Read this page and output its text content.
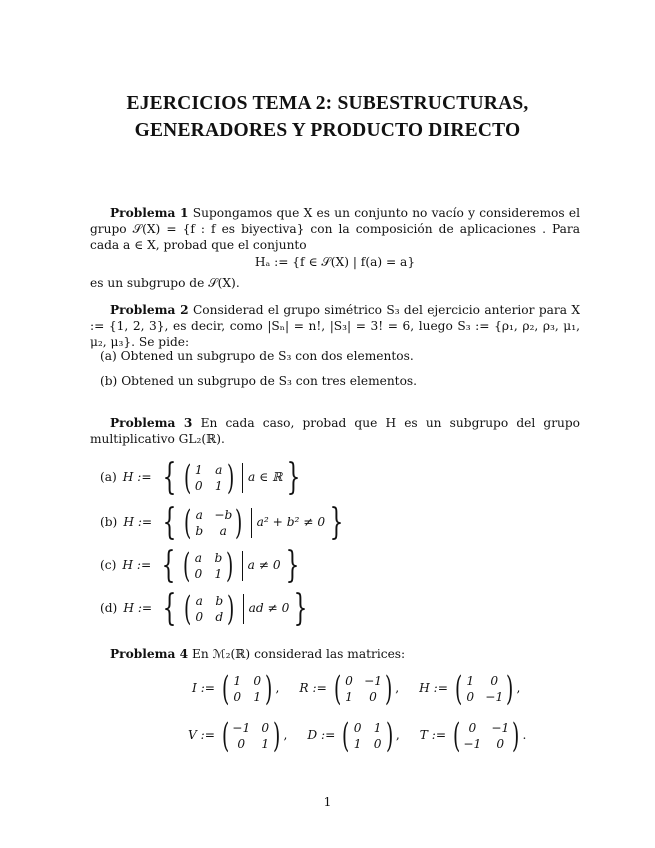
EJERCICIOS TEMA 2: SUBESTRUCTURAS,
GENERADORES Y PRODUCTO DIRECTO
Problema 1 Supongamos que X es un conjunto no vacío y consideremos el grupo 𝒮(X) = {f : f es biyectiva} con la composición de aplicaciones . Para cada a ∈ X, probad que el conjunto
Hₐ := {f ∈ 𝒮(X) | f(a) = a}
es un subgrupo de 𝒮(X).
Problema 2 Considerad el grupo simétrico S₃ del ejercicio anterior para X := {1, 2, 3}, es decir, como |Sₙ| = n!, |S₃| = 3! = 6, luego S₃ := {ρ₁, ρ₂, ρ₃, μ₁, μ₂, μ₃}. Se pide:
(a) Obtened un subgrupo de S₃ con dos elementos.
(b) Obtened un subgrupo de S₃ con tres elementos.
Problema 3 En cada caso, probad que H es un subgrupo del grupo multiplicativo GL₂(ℝ).
(a) H := { ( 1 a
0 1 ) a ∈ ℝ }
(b) H := { ( a −b
b	a ) a² + b² ≠ 0 }
(c) H := { ( a b
0 1 ) a ≠ 0 }
(d) H := { ( a b
0 d ) ad ≠ 0 }
Problema 4 En ℳ₂(ℝ) considerad las matrices:
I := ( 1 0
0 1 ) , R := ( 0 −1
1	0 ) , H := ( 1	0
0 −1 ) ,
V := ( −1 0
0	1 ) , D := ( 0 1
1 0 ) , T := ( 0	−1
−1	0 ) .
1
